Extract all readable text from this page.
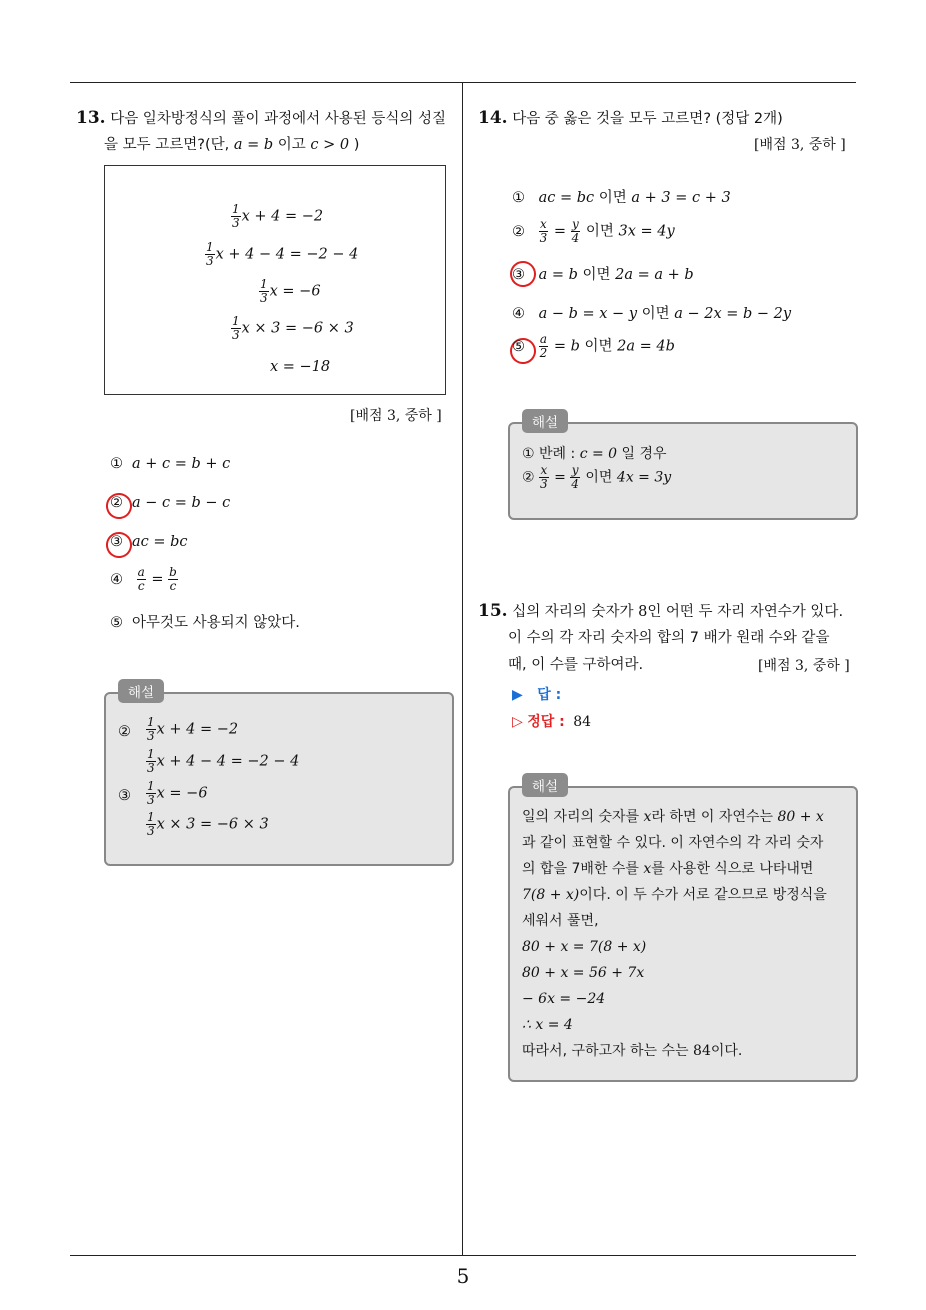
13. 다음 일차방정식의 풀이 과정에서 사용된 등식의 성질
을 모두 고르면?(단, a = b 이고 c > 0 )
$\frac{1}{3}$ x + 4 = −2
$\frac{1}{3}$ x + 4 − 4 = −2 − 4
$\frac{1}{3}$ x = −6
$\frac{1}{3}$ x × 3 = −6 × 3
x = −18
[배점 3, 중하 ]
① a + c = b + c
② a − c = b − c
③ ac = bc
④ $\frac{a}{c} = \frac{b}{c}$
⑤ 아무것도 사용되지 않았다.
해설
② $\frac{1}{3}$ x + 4 = −2
$\frac{1}{3}$ x + 4 − 4 = −2 − 4
③ $\frac{1}{3}$ x = −6
$\frac{1}{3}$ x × 3 = −6 × 3
14. 다음 중 옳은 것을 모두 고르면? (정답 2개)
[배점 3, 중하 ]
① ac = bc 이면 a + 3 = c + 3
② $\frac{x}{3} = \frac{y}{4}$ 이면 3x = 4y
③ a = b 이면 2a = a + b
④ a − b = x − y 이면 a − 2x = b − 2y
⑤ $\frac{a}{2} = b$ 이면 2a = 4b
해설
① 반례 : c = 0 일 경우
② $\frac{x}{3} = \frac{y}{4}$ 이면 4x = 3y
15. 십의 자리의 숫자가 8인 어떤 두 자리 자연수가 있다.
이 수의 각 자리 숫자의 합의 7 배가 원래 수와 같을
때, 이 수를 구하여라.	[배점 3, 중하 ]
▶ 답 :
▷ 정답 : 84
해설
일의 자리의 숫자를 x라 하면 이 자연수는 80 + x
과 같이 표현할 수 있다. 이 자연수의 각 자리 숫자
의 합을 7배한 수를 x를 사용한 식으로 나타내면
7(8 + x)이다. 이 두 수가 서로 같으므로 방정식을
세워서 풀면,
80 + x = 7(8 + x)
80 + x = 56 + 7x
− 6x = −24
∴ x = 4
따라서, 구하고자 하는 수는 84이다.
5
